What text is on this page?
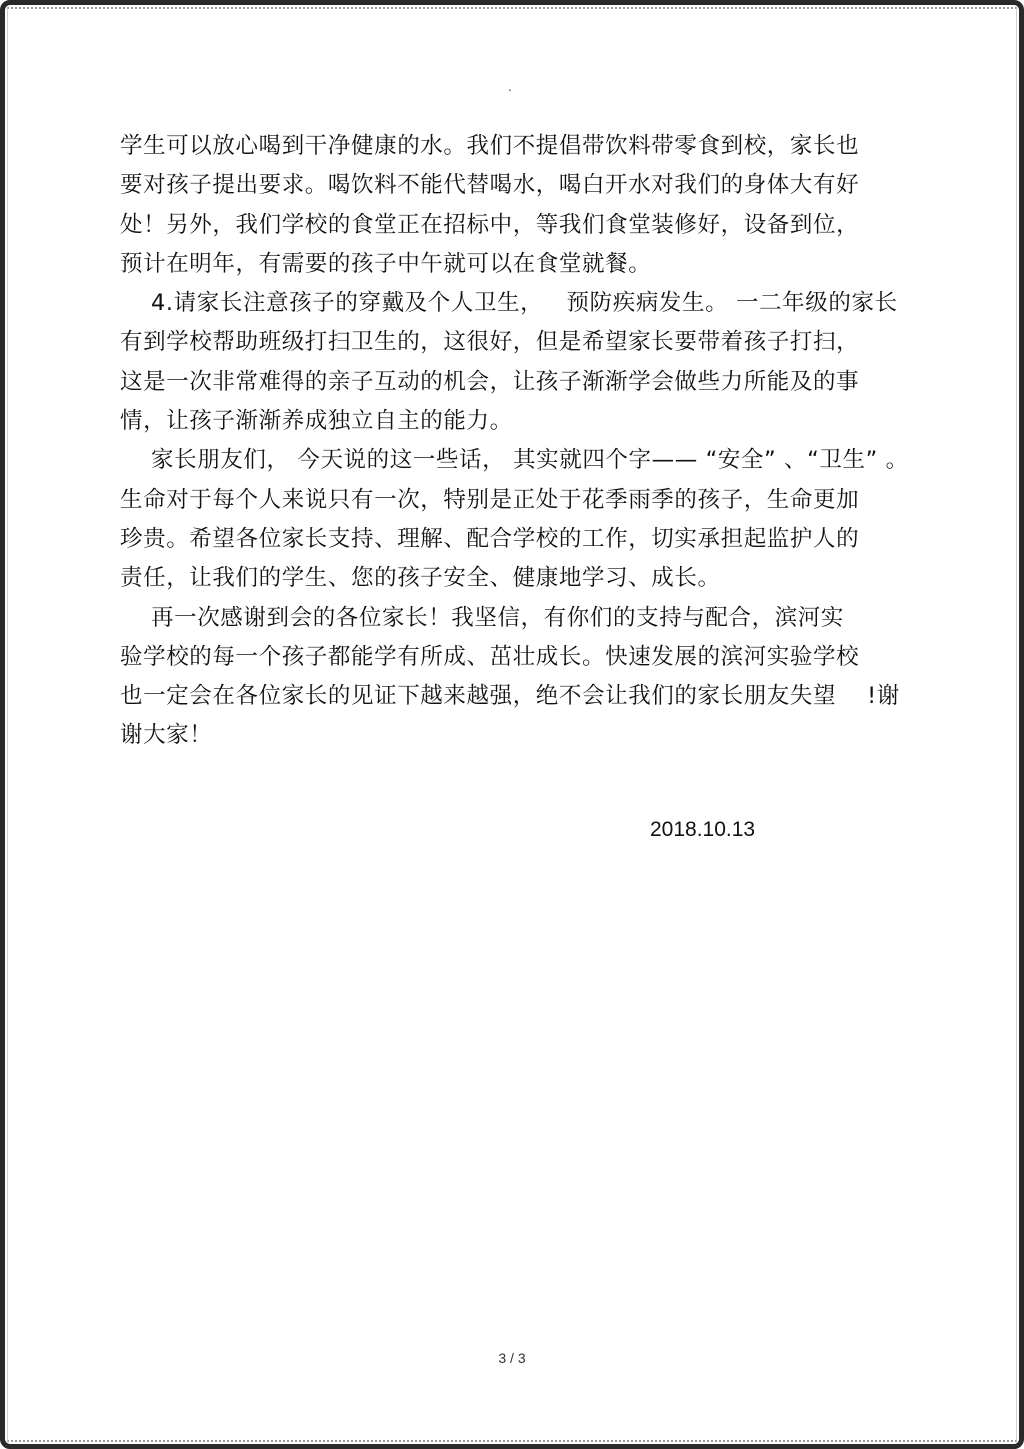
.
学生可以放心喝到干净健康的水。我们不提倡带饮料带零食到校，家长也
要对孩子提出要求。喝饮料不能代替喝水，喝白开水对我们的身体大有好
处！另外，我们学校的食堂正在招标中，等我们食堂装修好，设备到位，
预计在明年，有需要的孩子中午就可以在食堂就餐。
4.请家长注意孩子的穿戴及个人卫生，   预防疾病发生。 一二年级的家长
有到学校帮助班级打扫卫生的，这很好，但是希望家长要带着孩子打扫，
这是一次非常难得的亲子互动的机会，让孩子渐渐学会做些力所能及的事
情，让孩子渐渐养成独立自主的能力。
家长朋友们， 今天说的这一些话， 其实就四个字—— “安全” 、“卫生” 。
生命对于每个人来说只有一次，特别是正处于花季雨季的孩子，生命更加
珍贵。希望各位家长支持、理解、配合学校的工作，切实承担起监护人的
责任，让我们的学生、您的孩子安全、健康地学习、成长。
再一次感谢到会的各位家长！我坚信，有你们的支持与配合，滨河实
验学校的每一个孩子都能学有所成、茁壮成长。快速发展的滨河实验学校
也一定会在各位家长的见证下越来越强，绝不会让我们的家长朋友失望    !谢
谢大家！
2018.10.13
3 / 3
